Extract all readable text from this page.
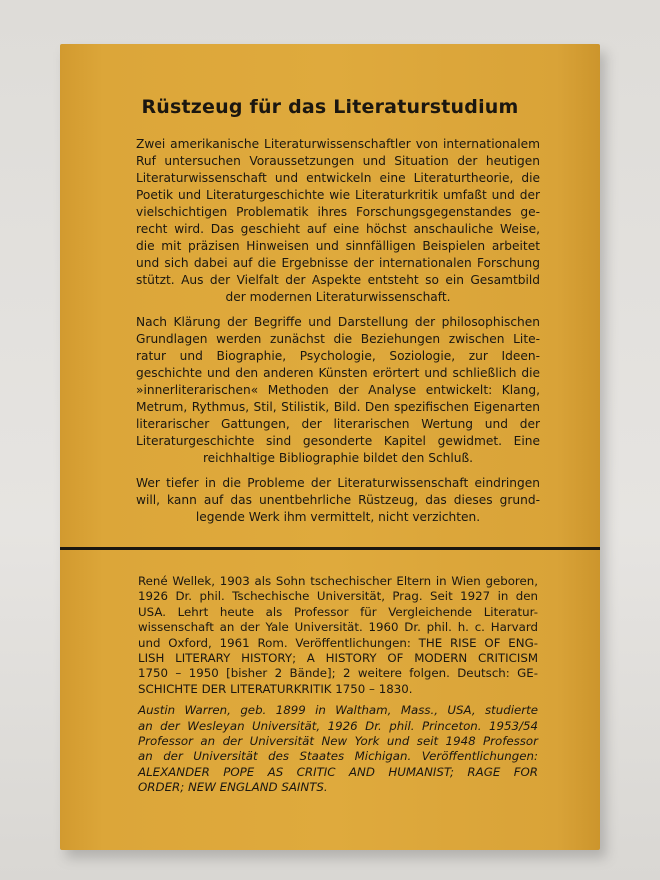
Rüstzeug für das Literaturstudium

Zwei amerikanische Literaturwissenschaftler von internationalem
Ruf untersuchen Voraussetzungen und Situation der heutigen
Literaturwissenschaft und entwickeln eine Literaturtheorie, die
Poetik und Literaturgeschichte wie Literaturkritik umfaßt und der
vielschichtigen Problematik ihres Forschungsgegenstandes ge-
recht wird. Das geschieht auf eine höchst anschauliche Weise,
die mit präzisen Hinweisen und sinnfälligen Beispielen arbeitet
und sich dabei auf die Ergebnisse der internationalen Forschung
stützt. Aus der Vielfalt der Aspekte entsteht so ein Gesamtbild
der modernen Literaturwissenschaft.

Nach Klärung der Begriffe und Darstellung der philosophischen
Grundlagen werden zunächst die Beziehungen zwischen Lite-
ratur und Biographie, Psychologie, Soziologie, zur Ideen-
geschichte und den anderen Künsten erörtert und schließlich die
»innerliterarischen« Methoden der Analyse entwickelt: Klang,
Metrum, Rythmus, Stil, Stilistik, Bild. Den spezifischen Eigenarten
literarischer Gattungen, der literarischen Wertung und der
Literaturgeschichte sind gesonderte Kapitel gewidmet. Eine
reichhaltige Bibliographie bildet den Schluß.

Wer tiefer in die Probleme der Literaturwissenschaft eindringen
will, kann auf das unentbehrliche Rüstzeug, das dieses grund-
legende Werk ihm vermittelt, nicht verzichten.

René Wellek, 1903 als Sohn tschechischer Eltern in Wien geboren,
1926 Dr. phil. Tschechische Universität, Prag. Seit 1927 in den
USA. Lehrt heute als Professor für Vergleichende Literatur-
wissenschaft an der Yale Universität. 1960 Dr. phil. h. c. Harvard
und Oxford, 1961 Rom. Veröffentlichungen: THE RISE OF ENG-
LISH LITERARY HISTORY; A HISTORY OF MODERN CRITICISM
1750 – 1950 [bisher 2 Bände]; 2 weitere folgen. Deutsch: GE-
SCHICHTE DER LITERATURKRITIK 1750 – 1830.
Austin Warren, geb. 1899 in Waltham, Mass., USA, studierte
an der Wesleyan Universität, 1926 Dr. phil. Princeton. 1953/54
Professor an der Universität New York und seit 1948 Professor
an der Universität des Staates Michigan. Veröffentlichungen:
ALEXANDER POPE AS CRITIC AND HUMANIST; RAGE FOR
ORDER; NEW ENGLAND SAINTS.
